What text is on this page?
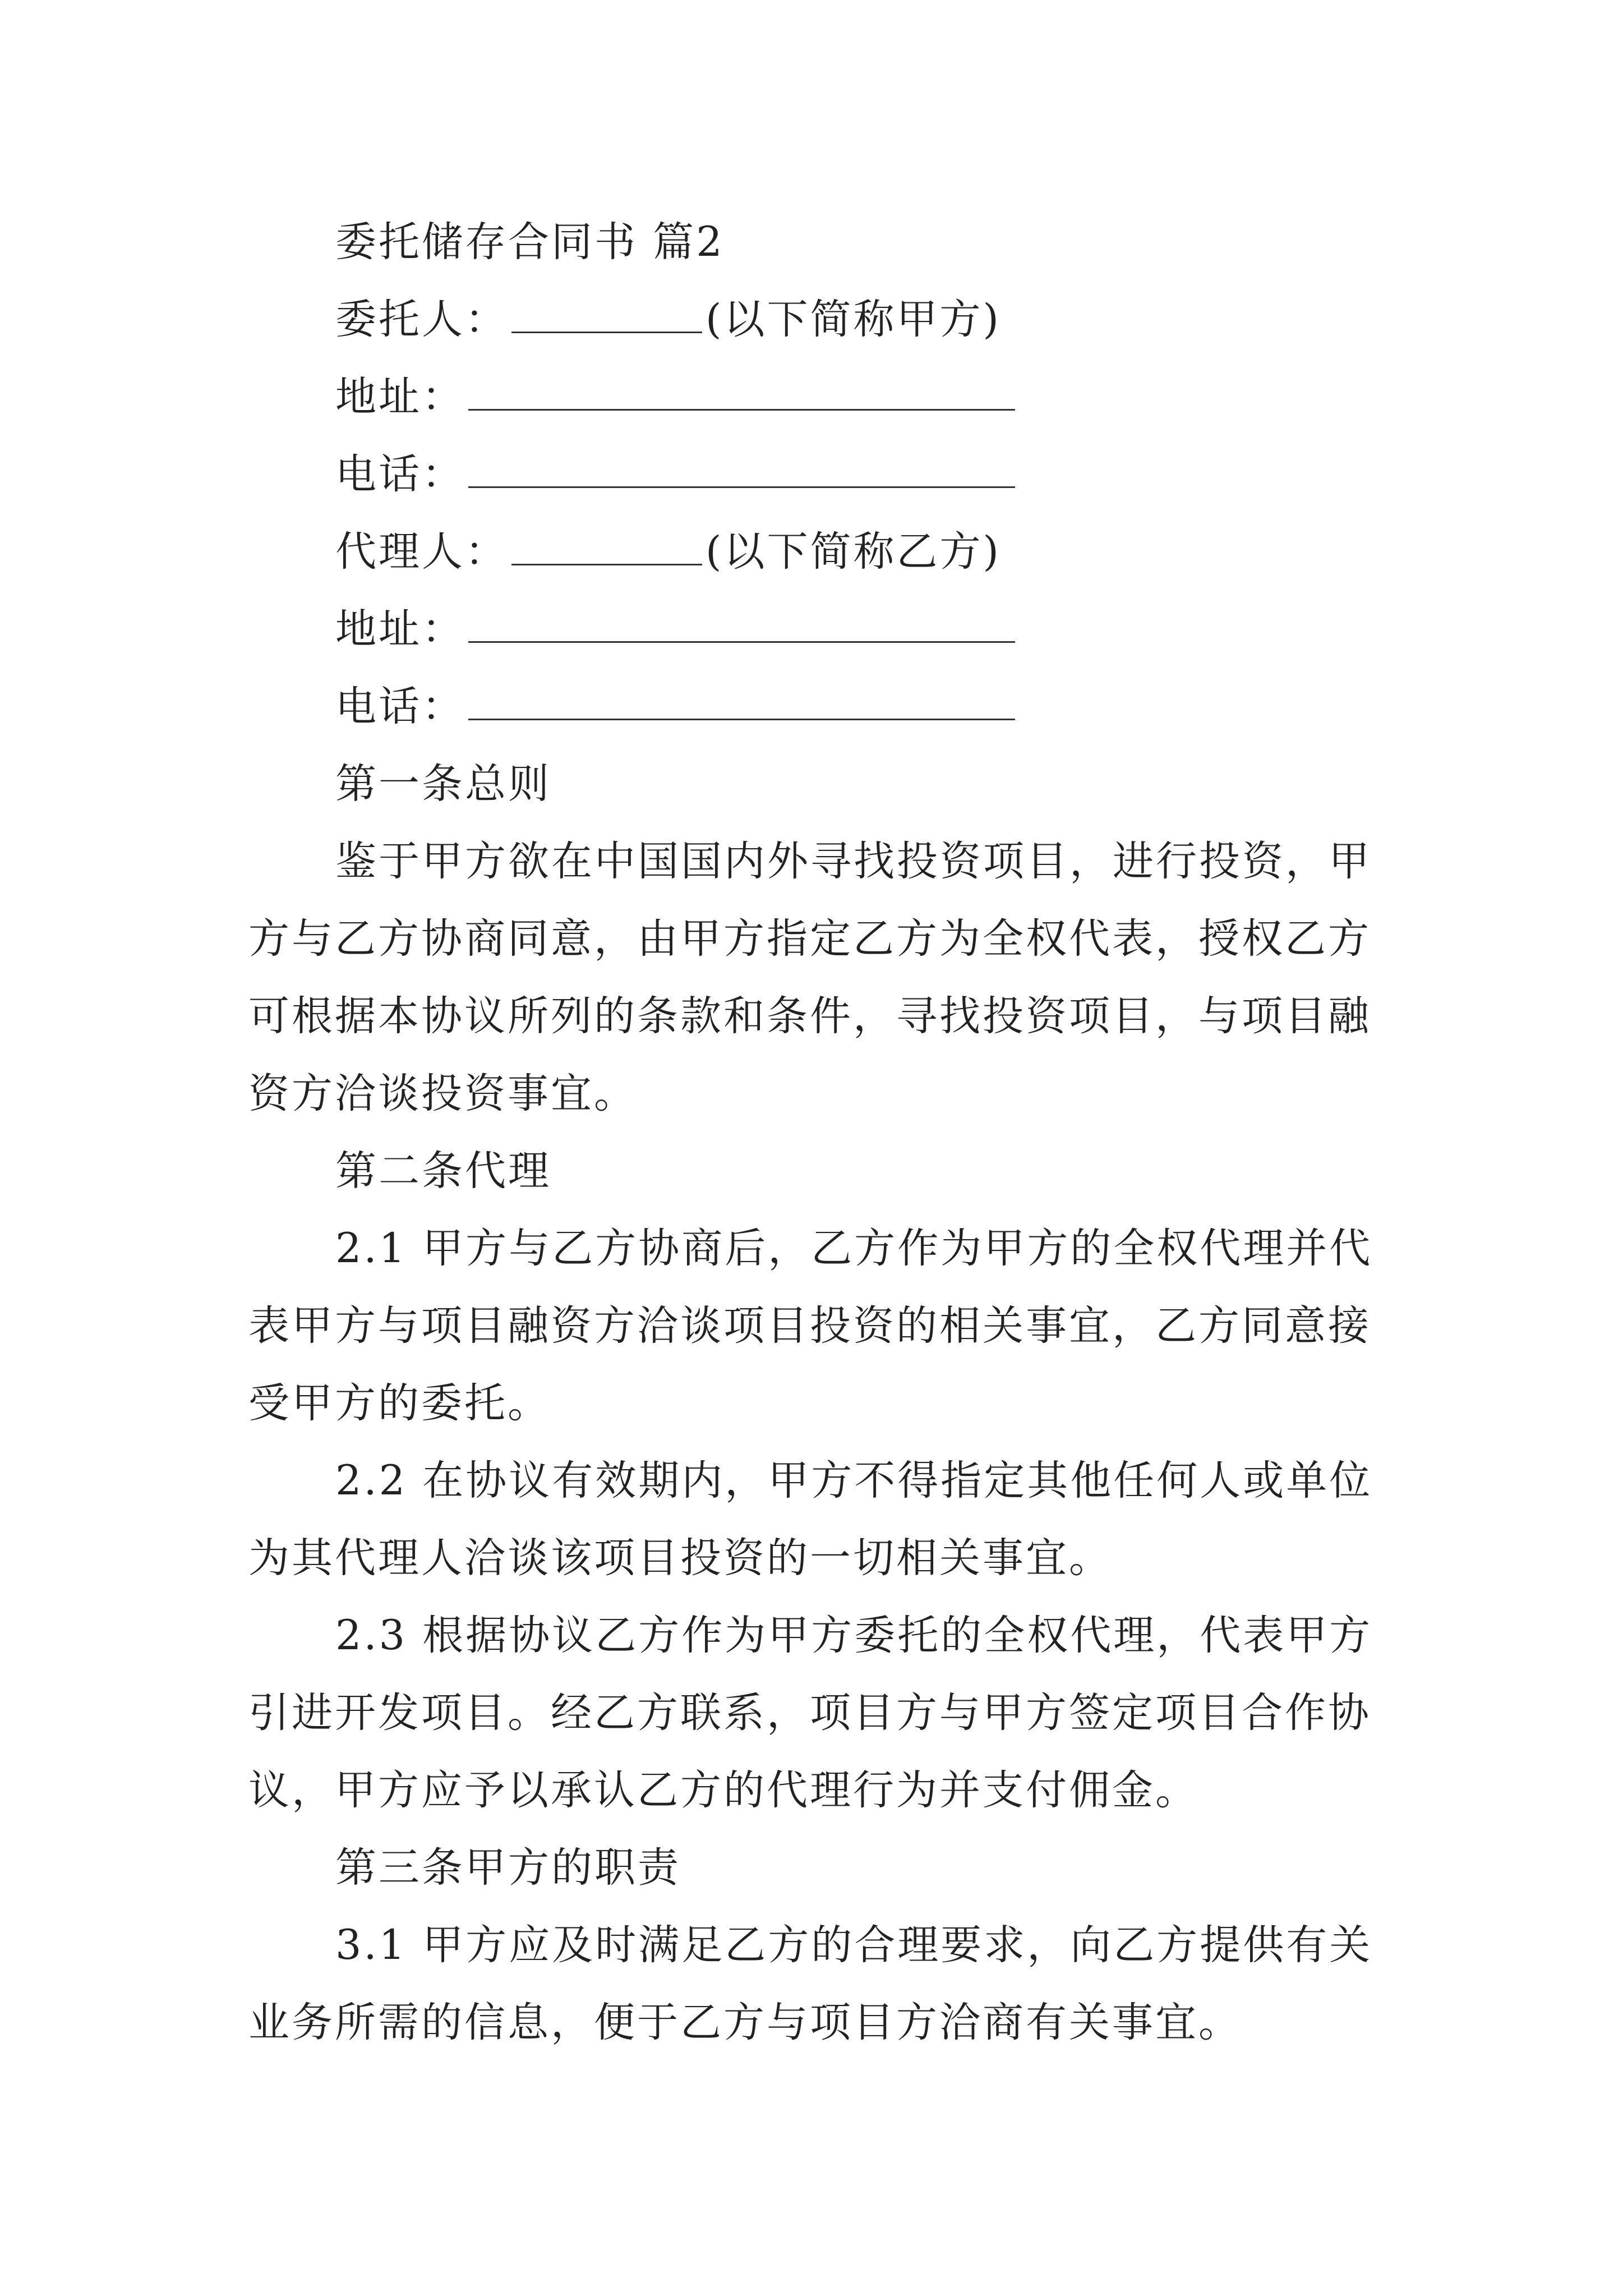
委托储存合同书 篇2
委托人：	(以下简称甲方)
地址：
电话：
代理人：	(以下简称乙方)
地址：
电话：
第一条总则
鉴于甲方欲在中国国内外寻找投资项目，进行投资，甲
方与乙方协商同意，由甲方指定乙方为全权代表，授权乙方
可根据本协议所列的条款和条件，寻找投资项目，与项目融
资方洽谈投资事宜。
第二条代理
2.1 甲方与乙方协商后，乙方作为甲方的全权代理并代
表甲方与项目融资方洽谈项目投资的相关事宜，乙方同意接
受甲方的委托。
2.2 在协议有效期内，甲方不得指定其他任何人或单位
为其代理人洽谈该项目投资的一切相关事宜。
2.3 根据协议乙方作为甲方委托的全权代理，代表甲方
引进开发项目。经乙方联系，项目方与甲方签定项目合作协
议，甲方应予以承认乙方的代理行为并支付佣金。
第三条甲方的职责
3.1 甲方应及时满足乙方的合理要求，向乙方提供有关
业务所需的信息，便于乙方与项目方洽商有关事宜。
